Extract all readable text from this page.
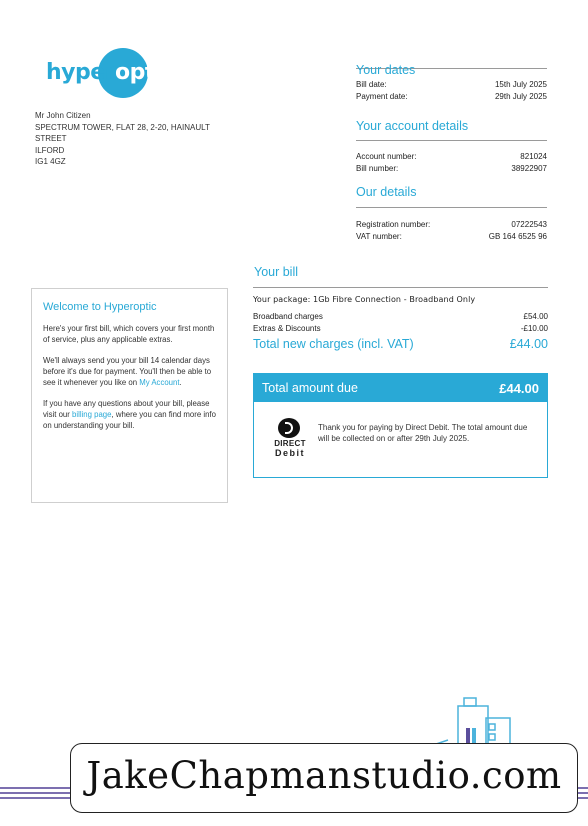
hyperoptic
Mr John Citizen
SPECTRUM TOWER, FLAT 28, 2-20, HAINAULT STREET
ILFORD
IG1 4GZ
Your dates
Bill date:	15th July 2025
Payment date:	29th July 2025
Your account details
Account number:	821024
Bill number:	38922907
Our details
Registration number:	07222543
VAT number:	GB 164 6525 96
Your bill
Your package: 1Gb Fibre Connection - Broadband Only
Broadband charges	£54.00
Extras & Discounts	-£10.00
Total new charges (incl. VAT)	£44.00
Total amount due	£44.00
DIRECT
Debit
Thank you for paying by Direct Debit. The total amount due will be collected on or after 29th July 2025.
Welcome to Hyperoptic

Here's your first bill, which covers your first month of service, plus any applicable extras.

We'll always send you your bill 14 calendar days before it's due for payment. You'll then be able to see it whenever you like on My Account.

If you have any questions about your bill, please visit our billing page, where you can find more info on understanding your bill.

JakeChapmanstudio.com
